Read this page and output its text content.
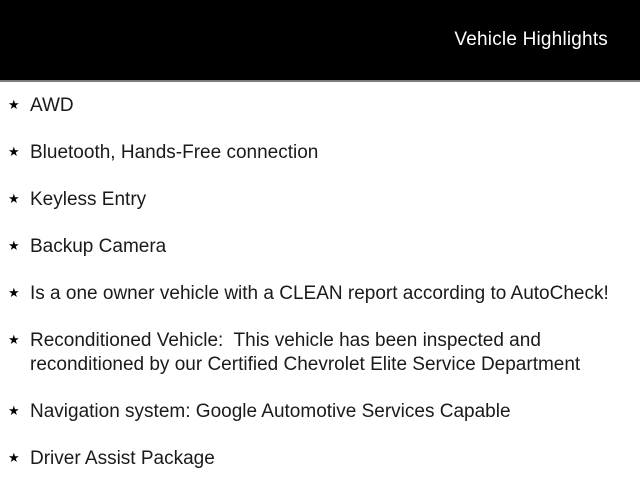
Vehicle Highlights
★ AWD
★ Bluetooth, Hands-Free connection
★ Keyless Entry
★ Backup Camera
★ Is a one owner vehicle with a CLEAN report according to AutoCheck!
★ Reconditioned Vehicle:  This vehicle has been inspected and reconditioned by our Certified Chevrolet Elite Service Department
★ Navigation system: Google Automotive Services Capable
★ Driver Assist Package
